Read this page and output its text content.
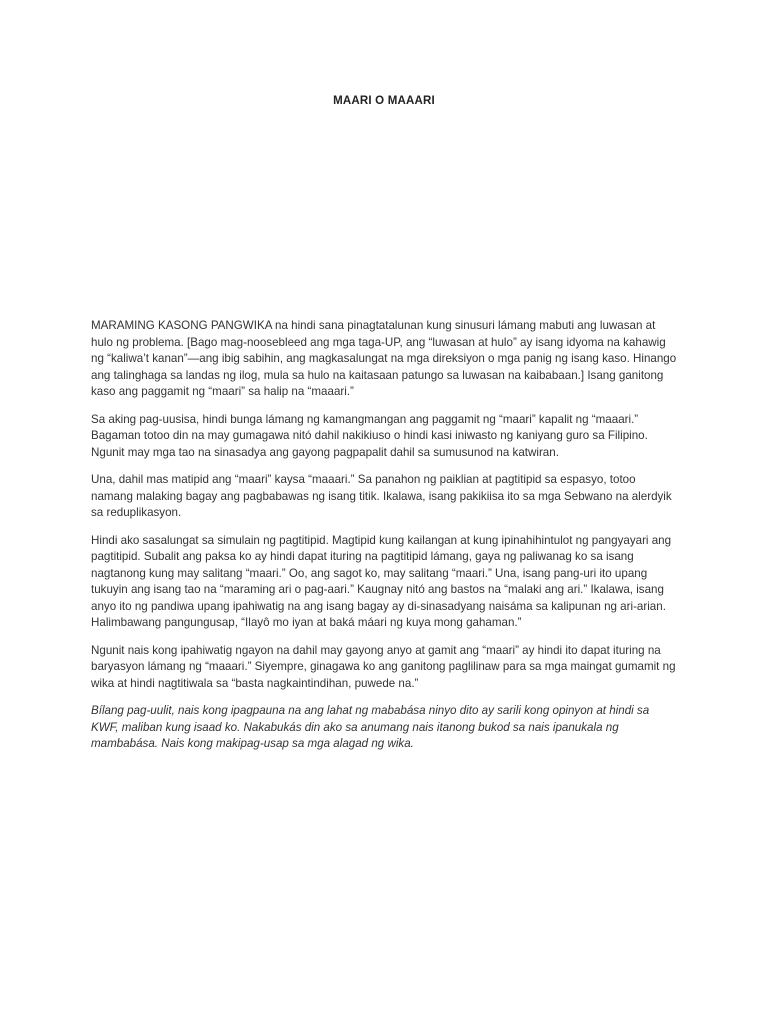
MAARI O MAAARI

MARAMING KASONG PANGWIKA na hindi sana pinagtatalunan kung sinusuri lámang mabuti ang luwasan at hulo ng problema. [Bago mag-noosebleed ang mga taga-UP, ang “luwasan at hulo” ay isang idyoma na kahawig ng “kaliwa’t kanan”—ang ibig sabihin, ang magkasalungat na mga direksiyon o mga panig ng isang kaso. Hinango ang talinghaga sa landas ng ilog, mula sa hulo na kaitasaan patungo sa luwasan na kaibabaan.] Isang ganitong kaso ang paggamit ng “maari” sa halip na “maaari.”

Sa aking pag-uusisa, hindi bunga lámang ng kamangmangan ang paggamit ng “maari” kapalit ng “maaari.” Bagaman totoo din na may gumagawa nitó dahil nakikiuso o hindi kasi iniwasto ng kaniyang guro sa Filipino. Ngunit may mga tao na sinasadya ang gayong pagpapalit dahil sa sumusunod na katwiran.

Una, dahil mas matipid ang “maari” kaysa “maaari.” Sa panahon ng paiklian at pagtitipid sa espasyo, totoo namang malaking bagay ang pagbabawas ng isang titik. Ikalawa, isang pakikiisa ito sa mga Sebwano na alerdyik sa reduplikasyon.

Hindi ako sasalungat sa simulain ng pagtitipid. Magtipid kung kailangan at kung ipinahihintulot ng pangyayari ang pagtitipid. Subalit ang paksa ko ay hindi dapat ituring na pagtitipid lámang, gaya ng paliwanag ko sa isang nagtanong kung may salitang “maari.” Oo, ang sagot ko, may salitang “maari.” Una, isang pang-uri ito upang tukuyin ang isang tao na “maraming ari o pag-aari.” Kaugnay nitó ang bastos na “malaki ang ari.” Ikalawa, isang anyo ito ng pandiwa upang ipahiwatig na ang isang bagay ay di-sinasadyang naisáma sa kalipunan ng ari-arian. Halimbawang pangungusap, “Ilayô mo iyan at baká máari ng kuya mong gahaman.”

Ngunit nais kong ipahiwatig ngayon na dahil may gayong anyo at gamit ang “maari” ay hindi ito dapat ituring na baryasyon lámang ng “maaari.” Siyempre, ginagawa ko ang ganitong paglilinaw para sa mga maingat gumamit ng wika at hindi nagtitiwala sa “basta nagkaintindihan, puwede na.”

Bílang pag-uulit, nais kong ipagpauna na ang lahat ng mababása ninyo dito ay sarili kong opinyon at hindi sa KWF, maliban kung isaad ko. Nakabukás din ako sa anumang nais itanong bukod sa nais ipanukala ng mambabása. Nais kong makipag-usap sa mga alagad ng wika.
